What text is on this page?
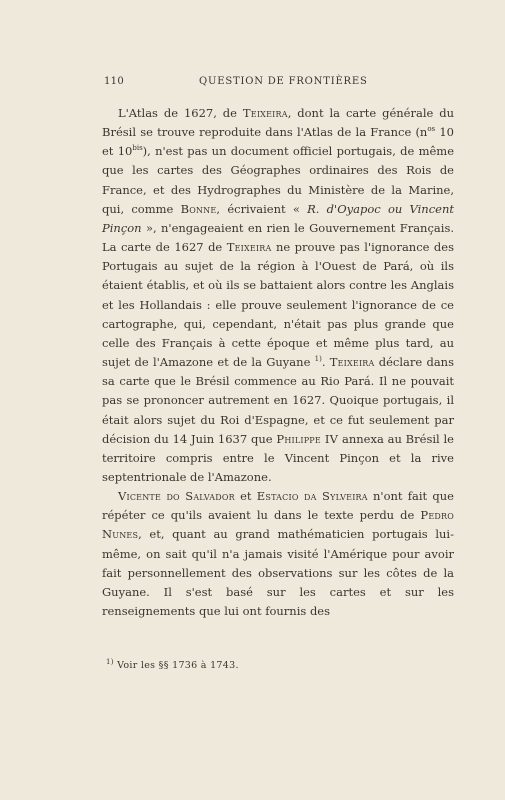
110	QUESTION DE FRONTIÈRES

L'Atlas de 1627, de Teixeira, dont la carte générale du Brésil se trouve reproduite dans l'Atlas de la France ($n^{os}$ 10 et $10^{bis}$), n'est pas un document officiel portugais, de même que les cartes des Géographes ordinaires des Rois de France, et des Hydrographes du Ministère de la Marine, qui, comme Bonne, écrivaient « R. d'Oyapoc ou Vincent Pinçon », n'engageaient en rien le Gouvernement Français. La carte de 1627 de Teixeira ne prouve pas l'ignorance des Portugais au sujet de la région à l'Ouest de Pará, où ils étaient établis, et où ils se battaient alors contre les Anglais et les Hollandais : elle prouve seulement l'ignorance de ce cartographe, qui, cependant, n'était pas plus grande que celle des Français à cette époque et même plus tard, au sujet de l'Amazone et de la Guyane $^{1)}$. Teixeira déclare dans sa carte que le Brésil commence au Rio Pará. Il ne pouvait pas se prononcer autrement en 1627. Quoique portugais, il était alors sujet du Roi d'Espagne, et ce fut seulement par décision du 14 Juin 1637 que Philippe IV annexa au Brésil le territoire compris entre le Vincent Pinçon et la rive septentrionale de l'Amazone.

Vicente do Salvador et Estacio da Sylveira n'ont fait que répéter ce qu'ils avaient lu dans le texte perdu de Pedro Nunes, et, quant au grand mathématicien portugais lui-même, on sait qu'il n'a jamais visité l'Amérique pour avoir fait personnellement des observations sur les côtes de la Guyane. Il s'est basé sur les cartes et sur les renseignements que lui ont fournis des

$^{1)}$ Voir les §§ 1736 à 1743.
